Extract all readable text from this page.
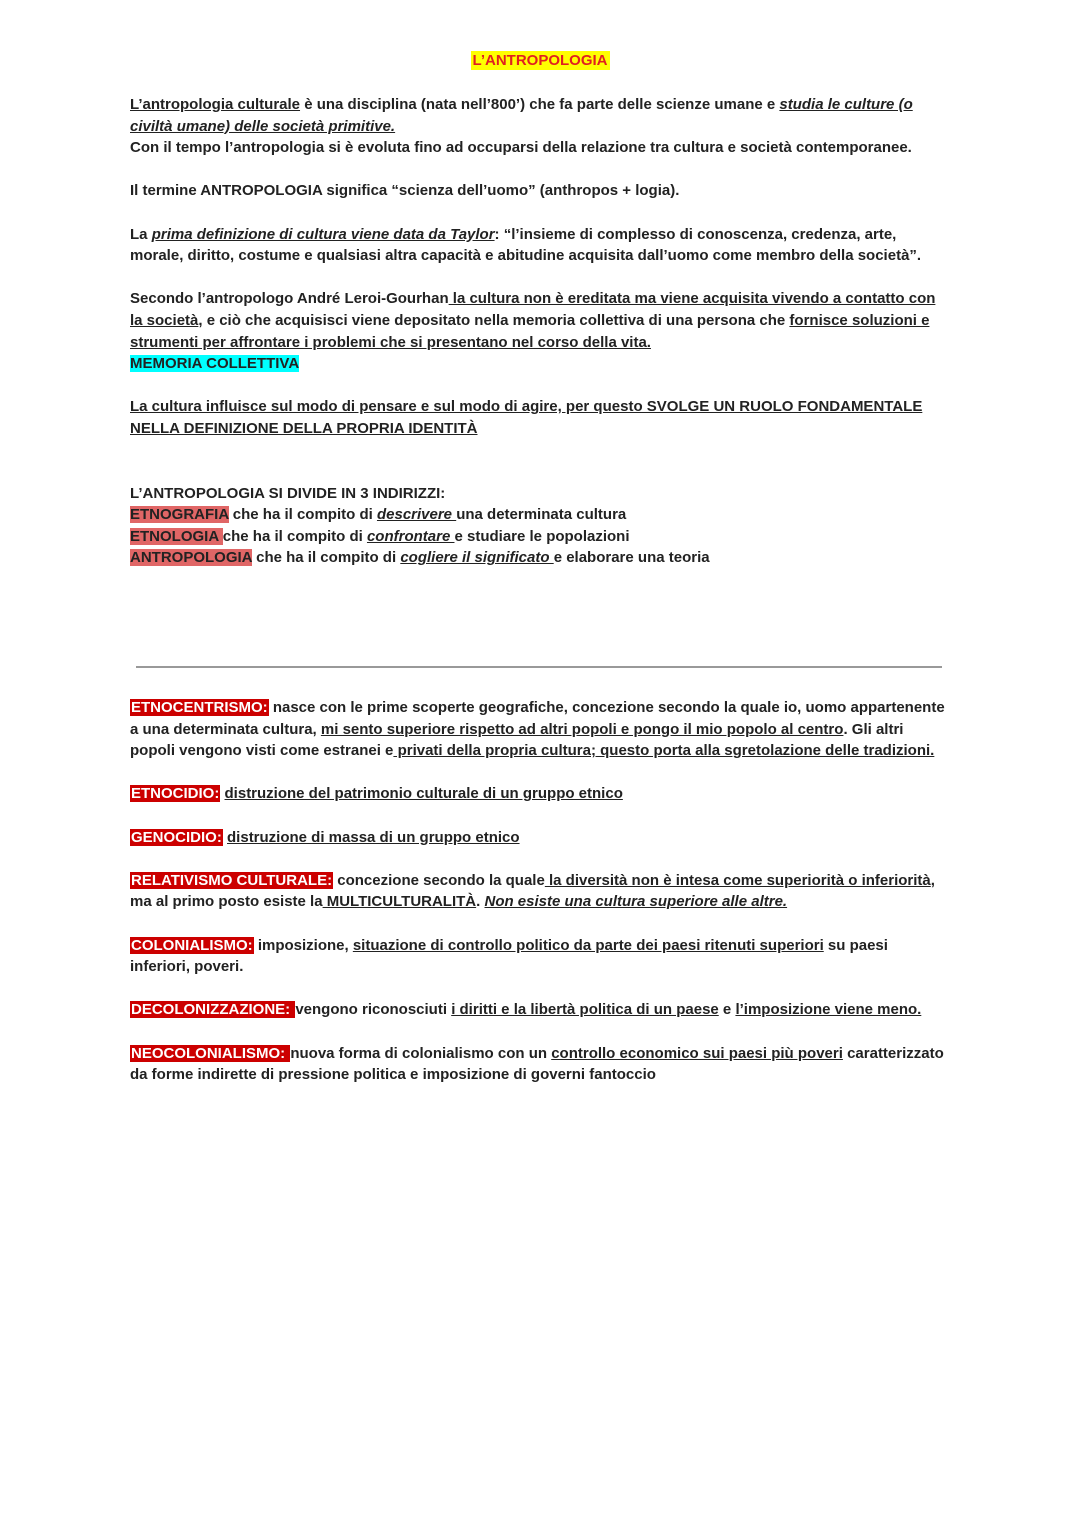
L’ANTROPOLOGIA

L’antropologia culturale è una disciplina (nata nell’800’) che fa parte delle scienze umane e studia le culture (o civiltà umane) delle società primitive.

Con il tempo l’antropologia si è evoluta fino ad occuparsi della relazione tra cultura e società contemporanee.

Il termine ANTROPOLOGIA significa “scienza dell’uomo” (anthropos + logia).

La prima definizione di cultura viene data da Taylor: “l’insieme di complesso di conoscenza, credenza, arte, morale, diritto, costume e qualsiasi altra capacità e abitudine acquisita dall’uomo come membro della società”.

Secondo l’antropologo André Leroi-Gourhan la cultura non è ereditata ma viene acquisita vivendo a contatto con la società, e ciò che acquisisci viene depositato nella memoria collettiva di una persona che fornisce soluzioni e strumenti per affrontare i problemi che si presentano nel corso della vita.

MEMORIA COLLETTIVA

La cultura influisce sul modo di pensare e sul modo di agire, per questo SVOLGE UN RUOLO FONDAMENTALE NELLA DEFINIZIONE DELLA PROPRIA IDENTITÀ

L’ANTROPOLOGIA SI DIVIDE IN 3 INDIRIZZI:

ETNOGRAFIA che ha il compito di descrivere una determinata cultura

ETNOLOGIA che ha il compito di confrontare e studiare le popolazioni

ANTROPOLOGIA che ha il compito di cogliere il significato e elaborare una teoria

ETNOCENTRISMO: nasce con le prime scoperte geografiche, concezione secondo la quale io, uomo appartenente a una determinata cultura, mi sento superiore rispetto ad altri popoli e pongo il mio popolo al centro. Gli altri popoli vengono visti come estranei e privati della propria cultura; questo porta alla sgretolazione delle tradizioni.

ETNOCIDIO: distruzione del patrimonio culturale di un gruppo etnico

GENOCIDIO: distruzione di massa di un gruppo etnico

RELATIVISMO CULTURALE: concezione secondo la quale la diversità non è intesa come superiorità o inferiorità, ma al primo posto esiste la MULTICULTURALITÀ. Non esiste una cultura superiore alle altre.

COLONIALISMO: imposizione, situazione di controllo politico da parte dei paesi ritenuti superiori su paesi inferiori, poveri.

DECOLONIZZAZIONE: vengono riconosciuti i diritti e la libertà politica di un paese e l’imposizione viene meno.

NEOCOLONIALISMO: nuova forma di colonialismo con un controllo economico sui paesi più poveri caratterizzato da forme indirette di pressione politica e imposizione di governi fantoccio
